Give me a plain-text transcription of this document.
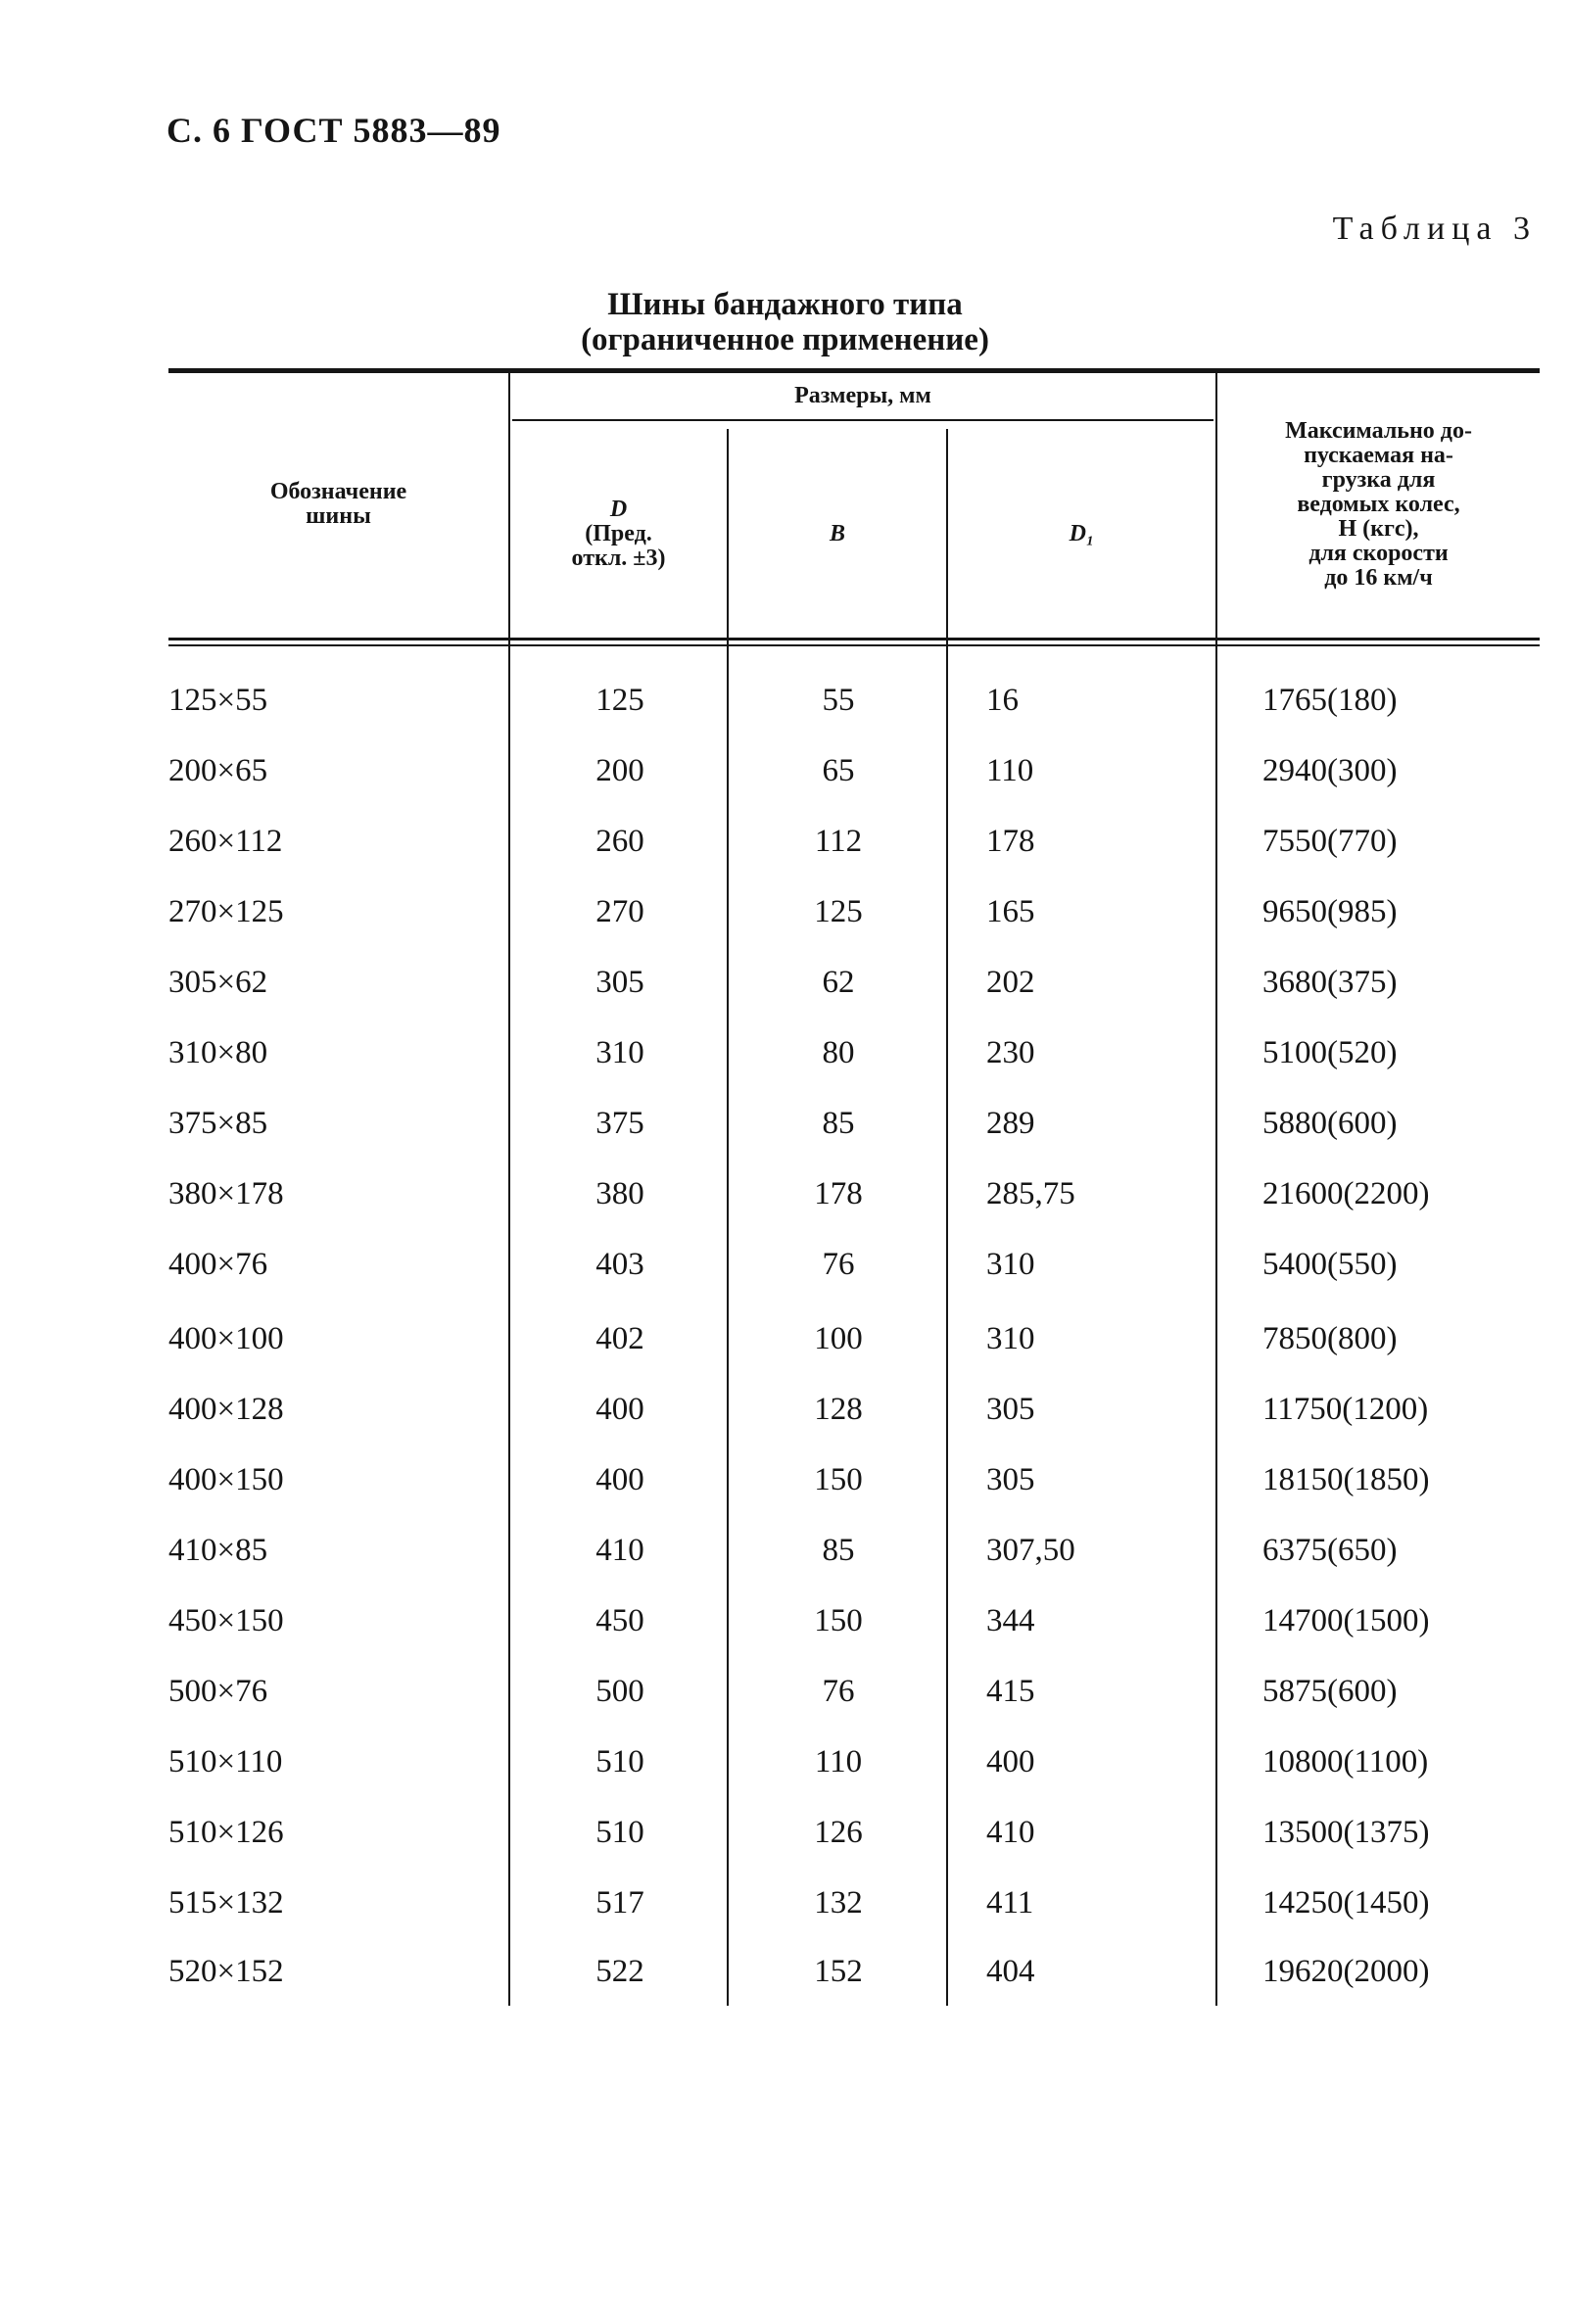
С. 6 ГОСТ 5883—89
Таблица 3
Шины бандажного типа
(ограниченное применение)
Обозначение
шины
Размеры, мм
D
(Пред.
откл. ±3)
B	D₁
Максимально до-
пускаемая на-
грузка для
ведомых колес,
Н (кгс),
для скорости
до 16 км/ч
125×55	125	55	16	1765(180)
200×65	200	65	110	2940(300)
260×112	260	112	178	7550(770)
270×125	270	125	165	9650(985)
305×62	305	62	202	3680(375)
310×80	310	80	230	5100(520)
375×85	375	85	289	5880(600)
380×178	380	178	285,75	21600(2200)
400×76	403	76	310	5400(550)
400×100	402	100	310	7850(800)
400×128	400	128	305	11750(1200)
400×150	400	150	305	18150(1850)
410×85	410	85	307,50	6375(650)
450×150	450	150	344	14700(1500)
500×76	500	76	415	5875(600)
510×110	510	110	400	10800(1100)
510×126	510	126	410	13500(1375)
515×132	517	132	411	14250(1450)
520×152	522	152	404	19620(2000)
